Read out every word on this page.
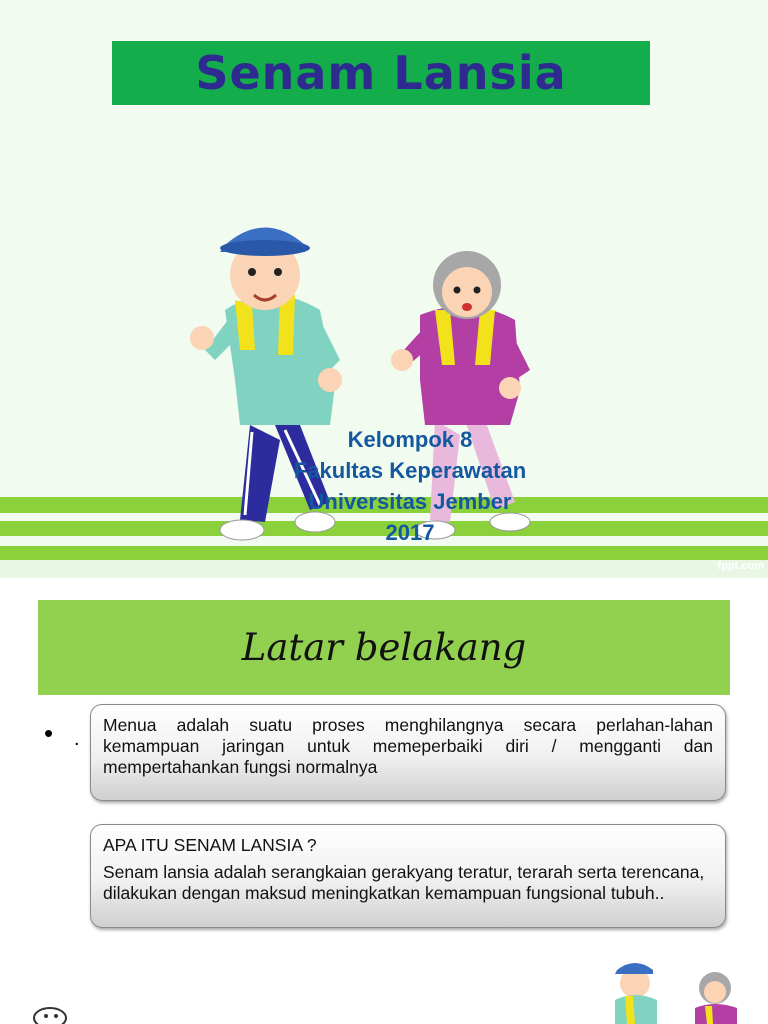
Senam Lansia
Kelompok 8
Fakultas Keperawatan
Universitas Jember
2017
fppt.com
Latar belakang
• .
Menua adalah suatu proses menghilangnya secara perlahan-lahan kemampuan jaringan untuk memeperbaiki diri / mengganti dan mempertahankan fungsi normalnya
APA ITU SENAM LANSIA ?
Senam lansia adalah serangkaian gerakyang teratur, terarah serta terencana, dilakukan dengan maksud meningkatkan kemampuan fungsional tubuh..
